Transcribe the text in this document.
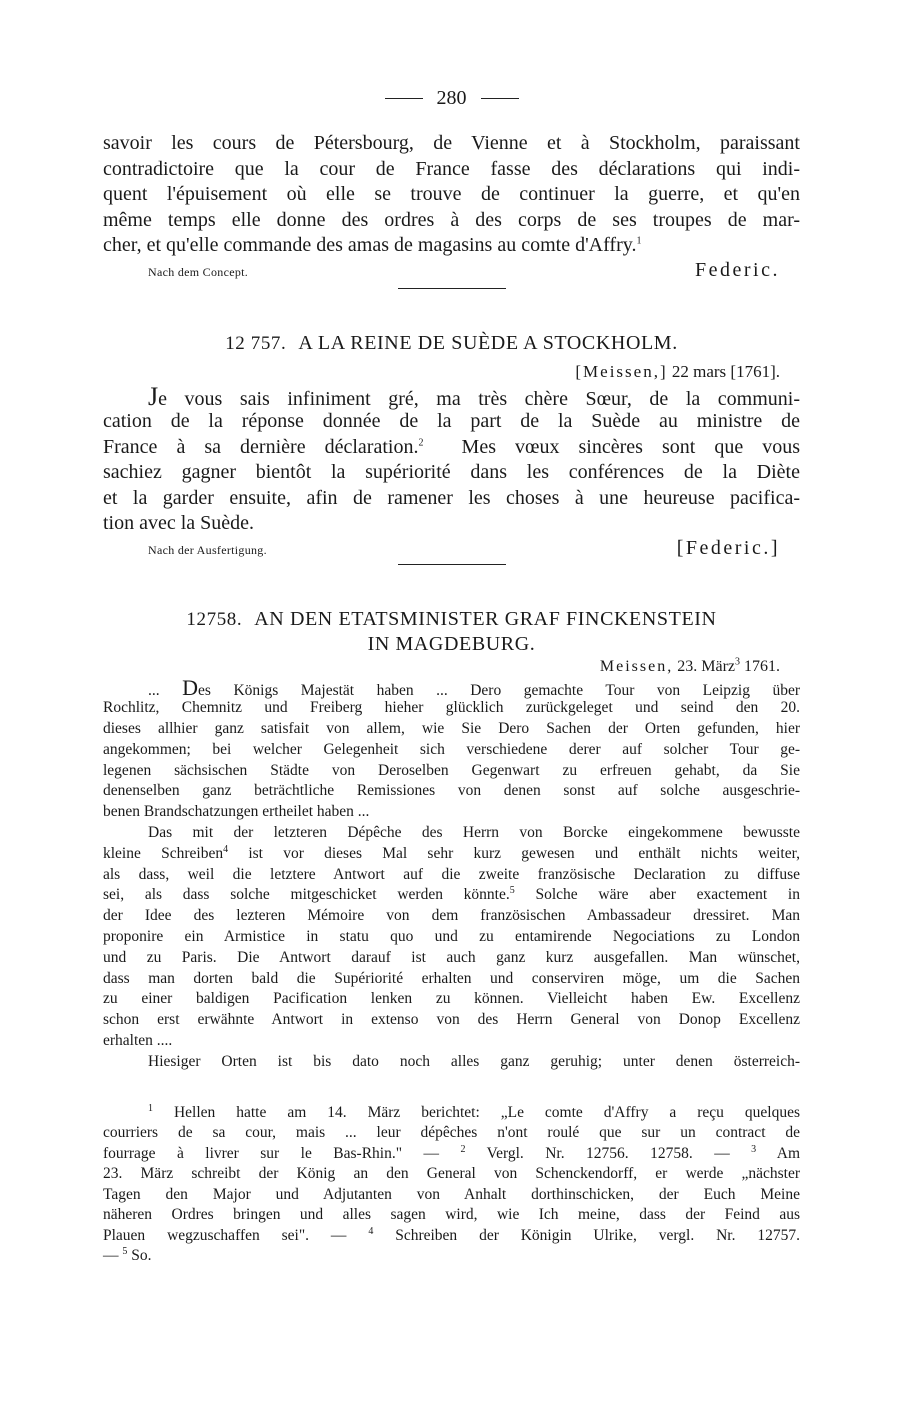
280
savoir les cours de Pétersbourg, de Vienne et à Stockholm, paraissant
contradictoire que la cour de France fasse des déclarations qui indi-
quent l'épuisement où elle se trouve de continuer la guerre, et qu'en
même temps elle donne des ordres à des corps de ses troupes de mar-
cher, et qu'elle commande des amas de magasins au comte d'Affry.$^1$
Nach dem Concept.	Federic.
12 757. A LA REINE DE SUÈDE A STOCKHOLM.
[Meissen,] 22 mars [1761].
Je vous sais infiniment gré, ma très chère Sœur, de la communi-
cation de la réponse donnée de la part de la Suède au ministre de
France à sa dernière déclaration.$^2$ Mes vœux sincères sont que vous
sachiez gagner bientôt la supériorité dans les conférences de la Diète
et la garder ensuite, afin de ramener les choses à une heureuse pacifica-
tion avec la Suède.
Nach der Ausfertigung.	[Federic.]
12758. AN DEN ETATSMINISTER GRAF FINCKENSTEIN
IN MAGDEBURG.
Meissen, 23. März$^3$ 1761.
... Des Königs Majestät haben ... Dero gemachte Tour von Leipzig über
Rochlitz, Chemnitz und Freiberg hieher glücklich zurückgeleget und seind den 20.
dieses allhier ganz satisfait von allem, wie Sie Dero Sachen der Orten gefunden, hier
angekommen; bei welcher Gelegenheit sich verschiedene derer auf solcher Tour ge-
legenen sächsischen Städte von Deroselben Gegenwart zu erfreuen gehabt, da Sie
denenselben ganz beträchtliche Remissiones von denen sonst auf solche ausgeschrie-
benen Brandschatzungen ertheilet haben ...
Das mit der letzteren Dépêche des Herrn von Borcke eingekommene bewusste
kleine Schreiben$^4$ ist vor dieses Mal sehr kurz gewesen und enthält nichts weiter,
als dass, weil die letztere Antwort auf die zweite französische Declaration zu diffuse
sei, als dass solche mitgeschicket werden könnte.$^5$ Solche wäre aber exactement in
der Idee des lezteren Mémoire von dem französischen Ambassadeur dressiret. Man
proponire ein Armistice in statu quo und zu entamirende Negociations zu London
und zu Paris. Die Antwort darauf ist auch ganz kurz ausgefallen. Man wünschet,
dass man dorten bald die Supériorité erhalten und conserviren möge, um die Sachen
zu einer baldigen Pacification lenken zu können. Vielleicht haben Ew. Excellenz
schon erst erwähnte Antwort in extenso von des Herrn General von Donop Excellenz
erhalten ....
Hiesiger Orten ist bis dato noch alles ganz geruhig; unter denen österreich-
$^1$ Hellen hatte am 14. März berichtet: „Le comte d'Affry a reçu quelques
courriers de sa cour, mais ... leur dépêches n'ont roulé que sur un contract de
fourrage à livrer sur le Bas-Rhin." — $^2$ Vergl. Nr. 12756. 12758. — $^3$ Am
23. März schreibt der König an den General von Schenckendorff, er werde „nächster
Tagen den Major und Adjutanten von Anhalt dorthinschicken, der Euch Meine
näheren Ordres bringen und alles sagen wird, wie Ich meine, dass der Feind aus
Plauen wegzuschaffen sei". — $^4$ Schreiben der Königin Ulrike, vergl. Nr. 12757.
— $^5$ So.
